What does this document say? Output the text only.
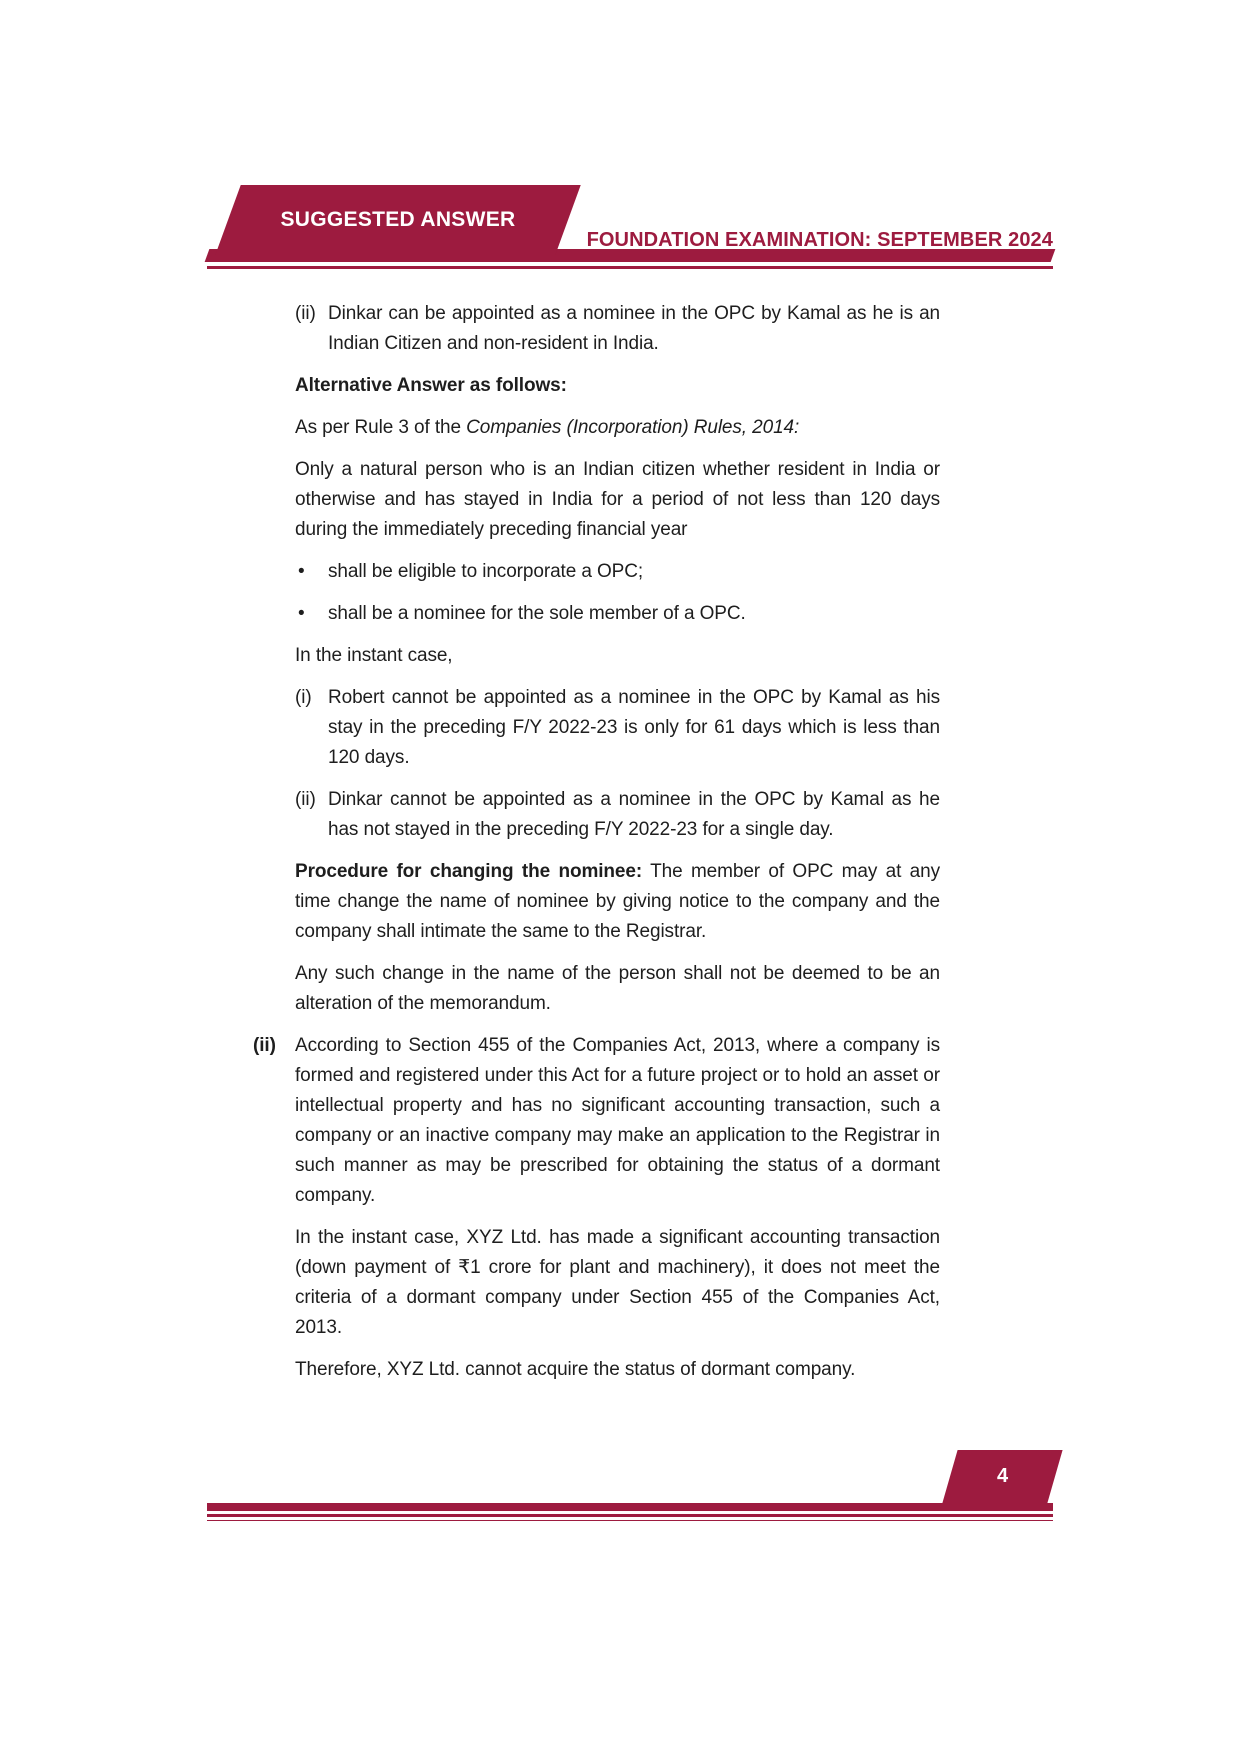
SUGGESTED ANSWER
FOUNDATION EXAMINATION: SEPTEMBER 2024
(ii) Dinkar can be appointed as a nominee in the OPC by Kamal as he is an Indian Citizen and non-resident in India.

Alternative Answer as follows:

As per Rule 3 of the Companies (Incorporation) Rules, 2014:

Only a natural person who is an Indian citizen whether resident in India or otherwise and has stayed in India for a period of not less than 120 days during the immediately preceding financial year

• shall be eligible to incorporate a OPC;

• shall be a nominee for the sole member of a OPC.

In the instant case,

(i) Robert cannot be appointed as a nominee in the OPC by Kamal as his stay in the preceding F/Y 2022-23 is only for 61 days which is less than 120 days.

(ii) Dinkar cannot be appointed as a nominee in the OPC by Kamal as he has not stayed in the preceding F/Y 2022-23 for a single day.

Procedure for changing the nominee: The member of OPC may at any time change the name of nominee by giving notice to the company and the company shall intimate the same to the Registrar.

Any such change in the name of the person shall not be deemed to be an alteration of the memorandum.

(ii) According to Section 455 of the Companies Act, 2013, where a company is formed and registered under this Act for a future project or to hold an asset or intellectual property and has no significant accounting transaction, such a company or an inactive company may make an application to the Registrar in such manner as may be prescribed for obtaining the status of a dormant company.

In the instant case, XYZ Ltd. has made a significant accounting transaction (down payment of ₹1 crore for plant and machinery), it does not meet the criteria of a dormant company under Section 455 of the Companies Act, 2013.

Therefore, XYZ Ltd. cannot acquire the status of dormant company.

4
